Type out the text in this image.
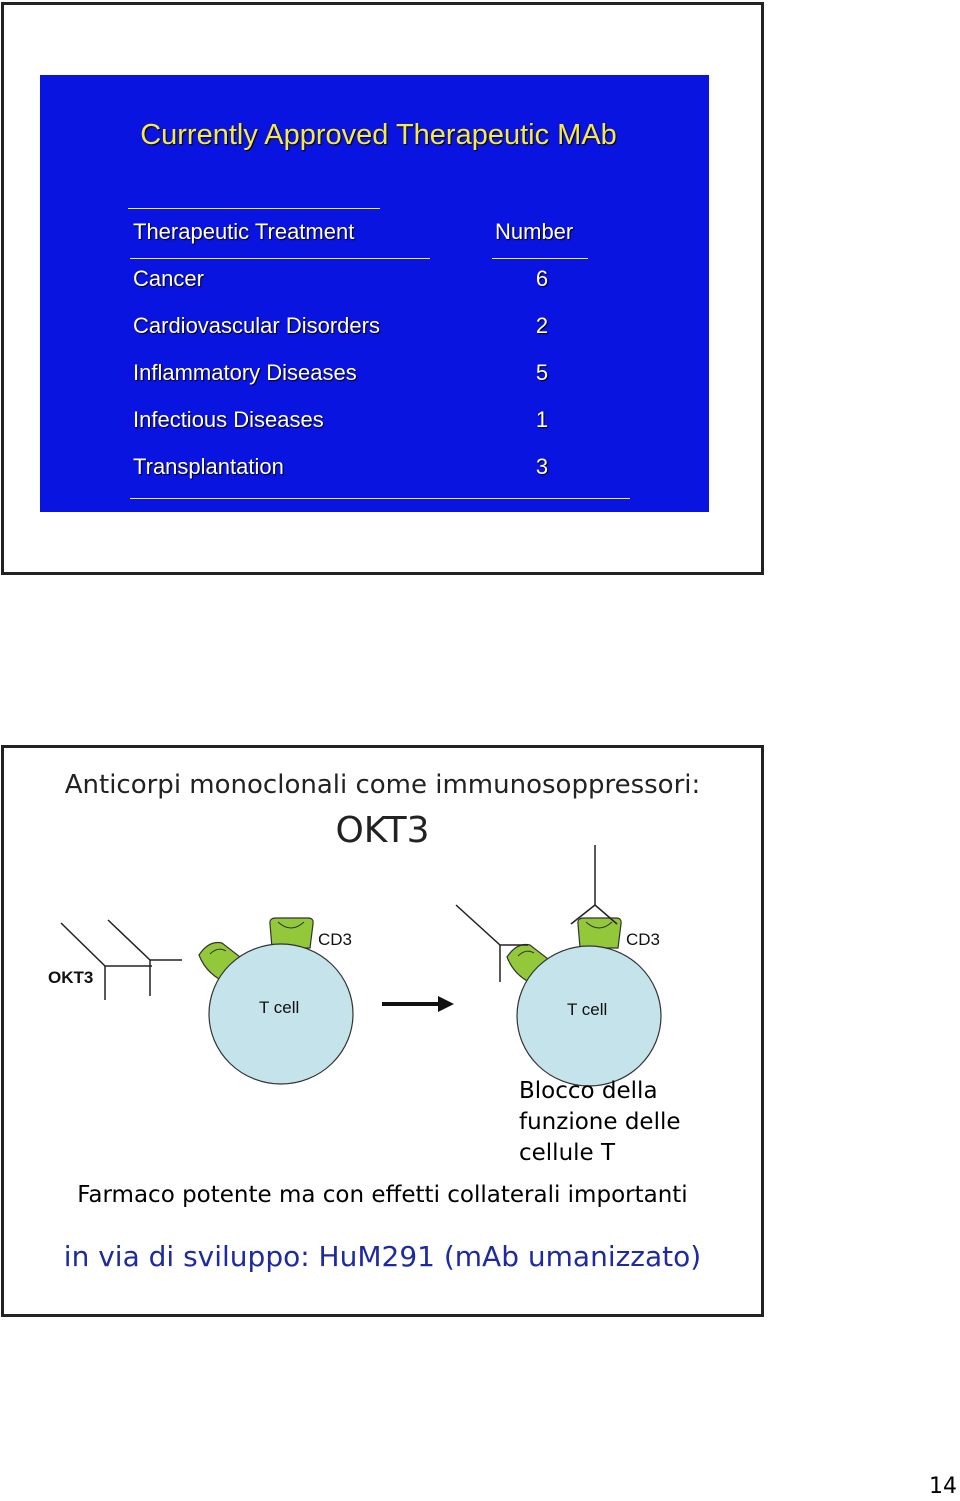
Currently Approved Therapeutic MAb
Therapeutic Treatment	Number
Cancer	6
Cardiovascular Disorders	2
Inflammatory Diseases	5
Infectious Diseases	1
Transplantation	3
Anticorpi monoclonali come immunosoppressori:
OKT3
OKT3
CD3
T cell
CD3
T cell
Blocco della
funzione delle
cellule T
Farmaco potente ma con effetti collaterali importanti
in via di sviluppo: HuM291 (mAb umanizzato)
14
